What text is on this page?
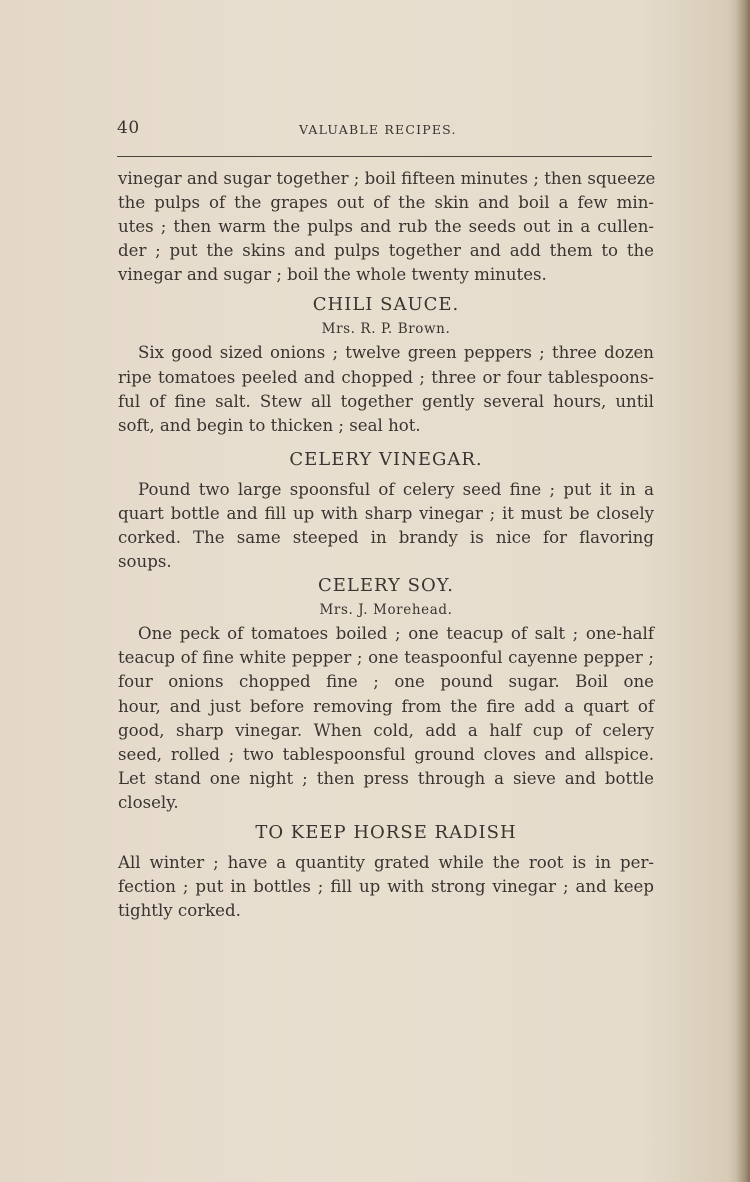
40	VALUABLE RECIPES.
vinegar and sugar together ; boil fifteen minutes ; then squeeze
the pulps of the grapes out of the skin and boil a few min-
utes ; then warm the pulps and rub the seeds out in a cullen-
der ; put the skins and pulps together and add them to the
vinegar and sugar ; boil the whole twenty minutes.
CHILI SAUCE.
Mrs. R. P. Brown.
Six good sized onions ; twelve green peppers ; three dozen
ripe tomatoes peeled and chopped ; three or four tablespoons-
ful of fine salt. Stew all together gently several hours, until
soft, and begin to thicken ; seal hot.
CELERY VINEGAR.
Pound two large spoonsful of celery seed fine ; put it in a
quart bottle and fill up with sharp vinegar ; it must be closely
corked. The same steeped in brandy is nice for flavoring
soups.
CELERY SOY.
Mrs. J. Morehead.
One peck of tomatoes boiled ; one teacup of salt ; one-half
teacup of fine white pepper ; one teaspoonful cayenne pepper ;
four onions chopped fine ; one pound sugar. Boil one
hour, and just before removing from the fire add a quart of
good, sharp vinegar. When cold, add a half cup of celery
seed, rolled ; two tablespoonsful ground cloves and allspice.
Let stand one night ; then press through a sieve and bottle
closely.
TO KEEP HORSE RADISH
All winter ; have a quantity grated while the root is in per-
fection ; put in bottles ; fill up with strong vinegar ; and keep
tightly corked.
